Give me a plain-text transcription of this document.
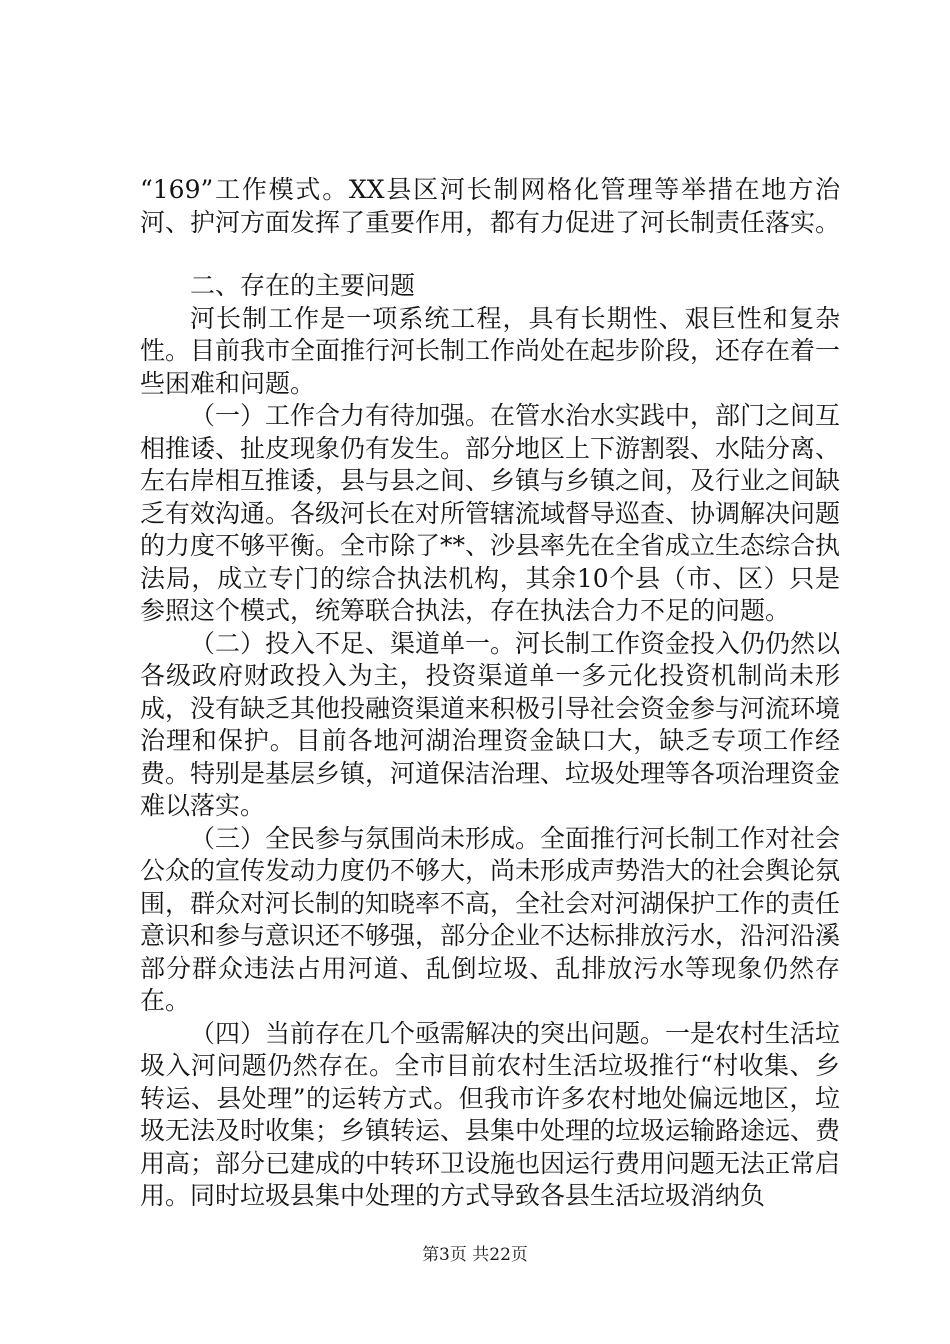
“169”工作模式。XX县区河长制网格化管理等举措在地方治河、护河方面发挥了重要作用，都有力促进了河长制责任落实。

二、存在的主要问题

河长制工作是一项系统工程，具有长期性、艰巨性和复杂性。目前我市全面推行河长制工作尚处在起步阶段，还存在着一些困难和问题。

（一）工作合力有待加强。在管水治水实践中，部门之间互相推诿、扯皮现象仍有发生。部分地区上下游割裂、水陆分离、左右岸相互推诿，县与县之间、乡镇与乡镇之间，及行业之间缺乏有效沟通。各级河长在对所管辖流域督导巡查、协调解决问题的力度不够平衡。全市除了**、沙县率先在全省成立生态综合执法局，成立专门的综合执法机构，其余10个县（市、区）只是参照这个模式，统筹联合执法，存在执法合力不足的问题。

（二）投入不足、渠道单一。河长制工作资金投入仍仍然以各级政府财政投入为主，投资渠道单一多元化投资机制尚未形成，没有缺乏其他投融资渠道来积极引导社会资金参与河流环境治理和保护。目前各地河湖治理资金缺口大，缺乏专项工作经费。特别是基层乡镇，河道保洁治理、垃圾处理等各项治理资金难以落实。

（三）全民参与氛围尚未形成。全面推行河长制工作对社会公众的宣传发动力度仍不够大，尚未形成声势浩大的社会舆论氛围，群众对河长制的知晓率不高，全社会对河湖保护工作的责任意识和参与意识还不够强，部分企业不达标排放污水，沿河沿溪部分群众违法占用河道、乱倒垃圾、乱排放污水等现象仍然存在。

（四）当前存在几个亟需解决的突出问题。一是农村生活垃圾入河问题仍然存在。全市目前农村生活垃圾推行“村收集、乡转运、县处理”的运转方式。但我市许多农村地处偏远地区，垃圾无法及时收集；乡镇转运、县集中处理的垃圾运输路途远、费用高；部分已建成的中转环卫设施也因运行费用问题无法正常启用。同时垃圾县集中处理的方式导致各县生活垃圾消纳负

第3页 共22页
